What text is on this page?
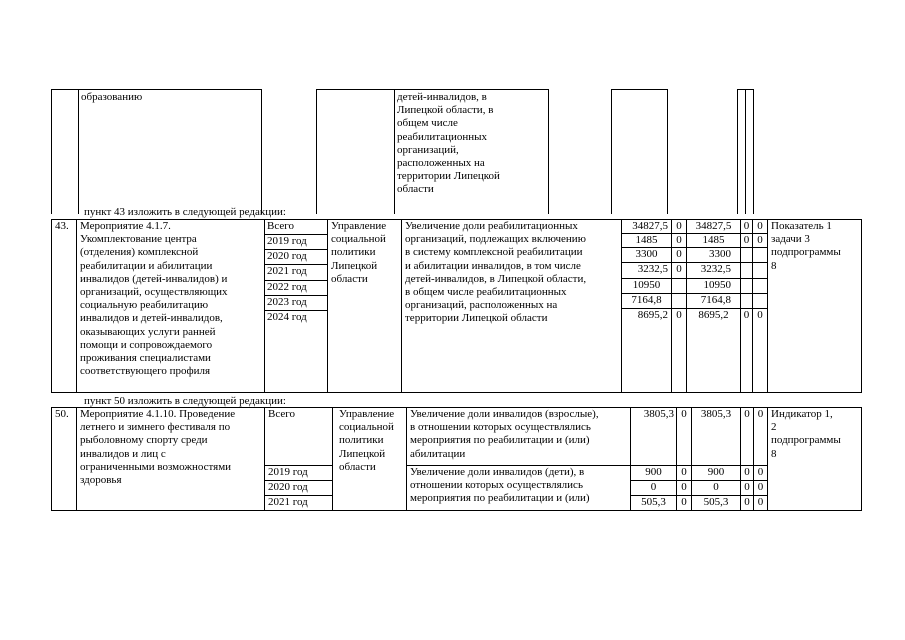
образованию	детей-инвалидов, в
Липецкой области, в
общем числе
реабилитационных
организаций,
расположенных на
территории Липецкой
области
пункт 43 изложить в следующей редакции:
43. Мероприятие 4.1.7.
Укомплектование центра
(отделения) комплексной
реабилитации и абилитации
инвалидов (детей-инвалидов) и
организаций, осуществляющих
социальную реабилитацию
инвалидов и детей-инвалидов,
оказывающих услуги ранней
помощи и сопровождаемого
проживания специалистами
соответствующего профиля
Всего
2019 год
2020 год
2021 год
2022 год
2023 год
2024 год
Управление
социальной
политики
Липецкой
области
Увеличение доли реабилитационных
организаций, подлежащих включению
в систему комплексной реабилитации
и абилитации инвалидов, в том числе
детей-инвалидов, в Липецкой области,
в общем числе реабилитационных
организаций, расположенных на
территории Липецкой области
34827,5
1485
3300
3232,5
10950
7164,8
8695,2
0
0
0
0
0
34827,5
1485
3300
3232,5
10950
7164,8
8695,2
0
0
0
0
0
0
Показатель 1
задачи 3
подпрограммы
8
пункт 50 изложить в следующей редакции:
50. Мероприятие 4.1.10. Проведение
летнего и зимнего фестиваля по
рыболовному спорту среди
инвалидов и лиц с
ограниченными возможностями
здоровья
Всего
2019 год
2020 год
2021 год
Управление
социальной
политики
Липецкой
области
Увеличение доли инвалидов (взрослые),
в отношении которых осуществлялись
мероприятия по реабилитации и (или)
абилитации
Увеличение доли инвалидов (дети), в
отношении которых осуществлялись
мероприятия по реабилитации и (или)
3805,3
900
0
505,3
0
0
0
0
3805,3
900
0
505,3
0
0
0
0
0
0
0
0
Индикатор 1,
2
подпрограммы
8
